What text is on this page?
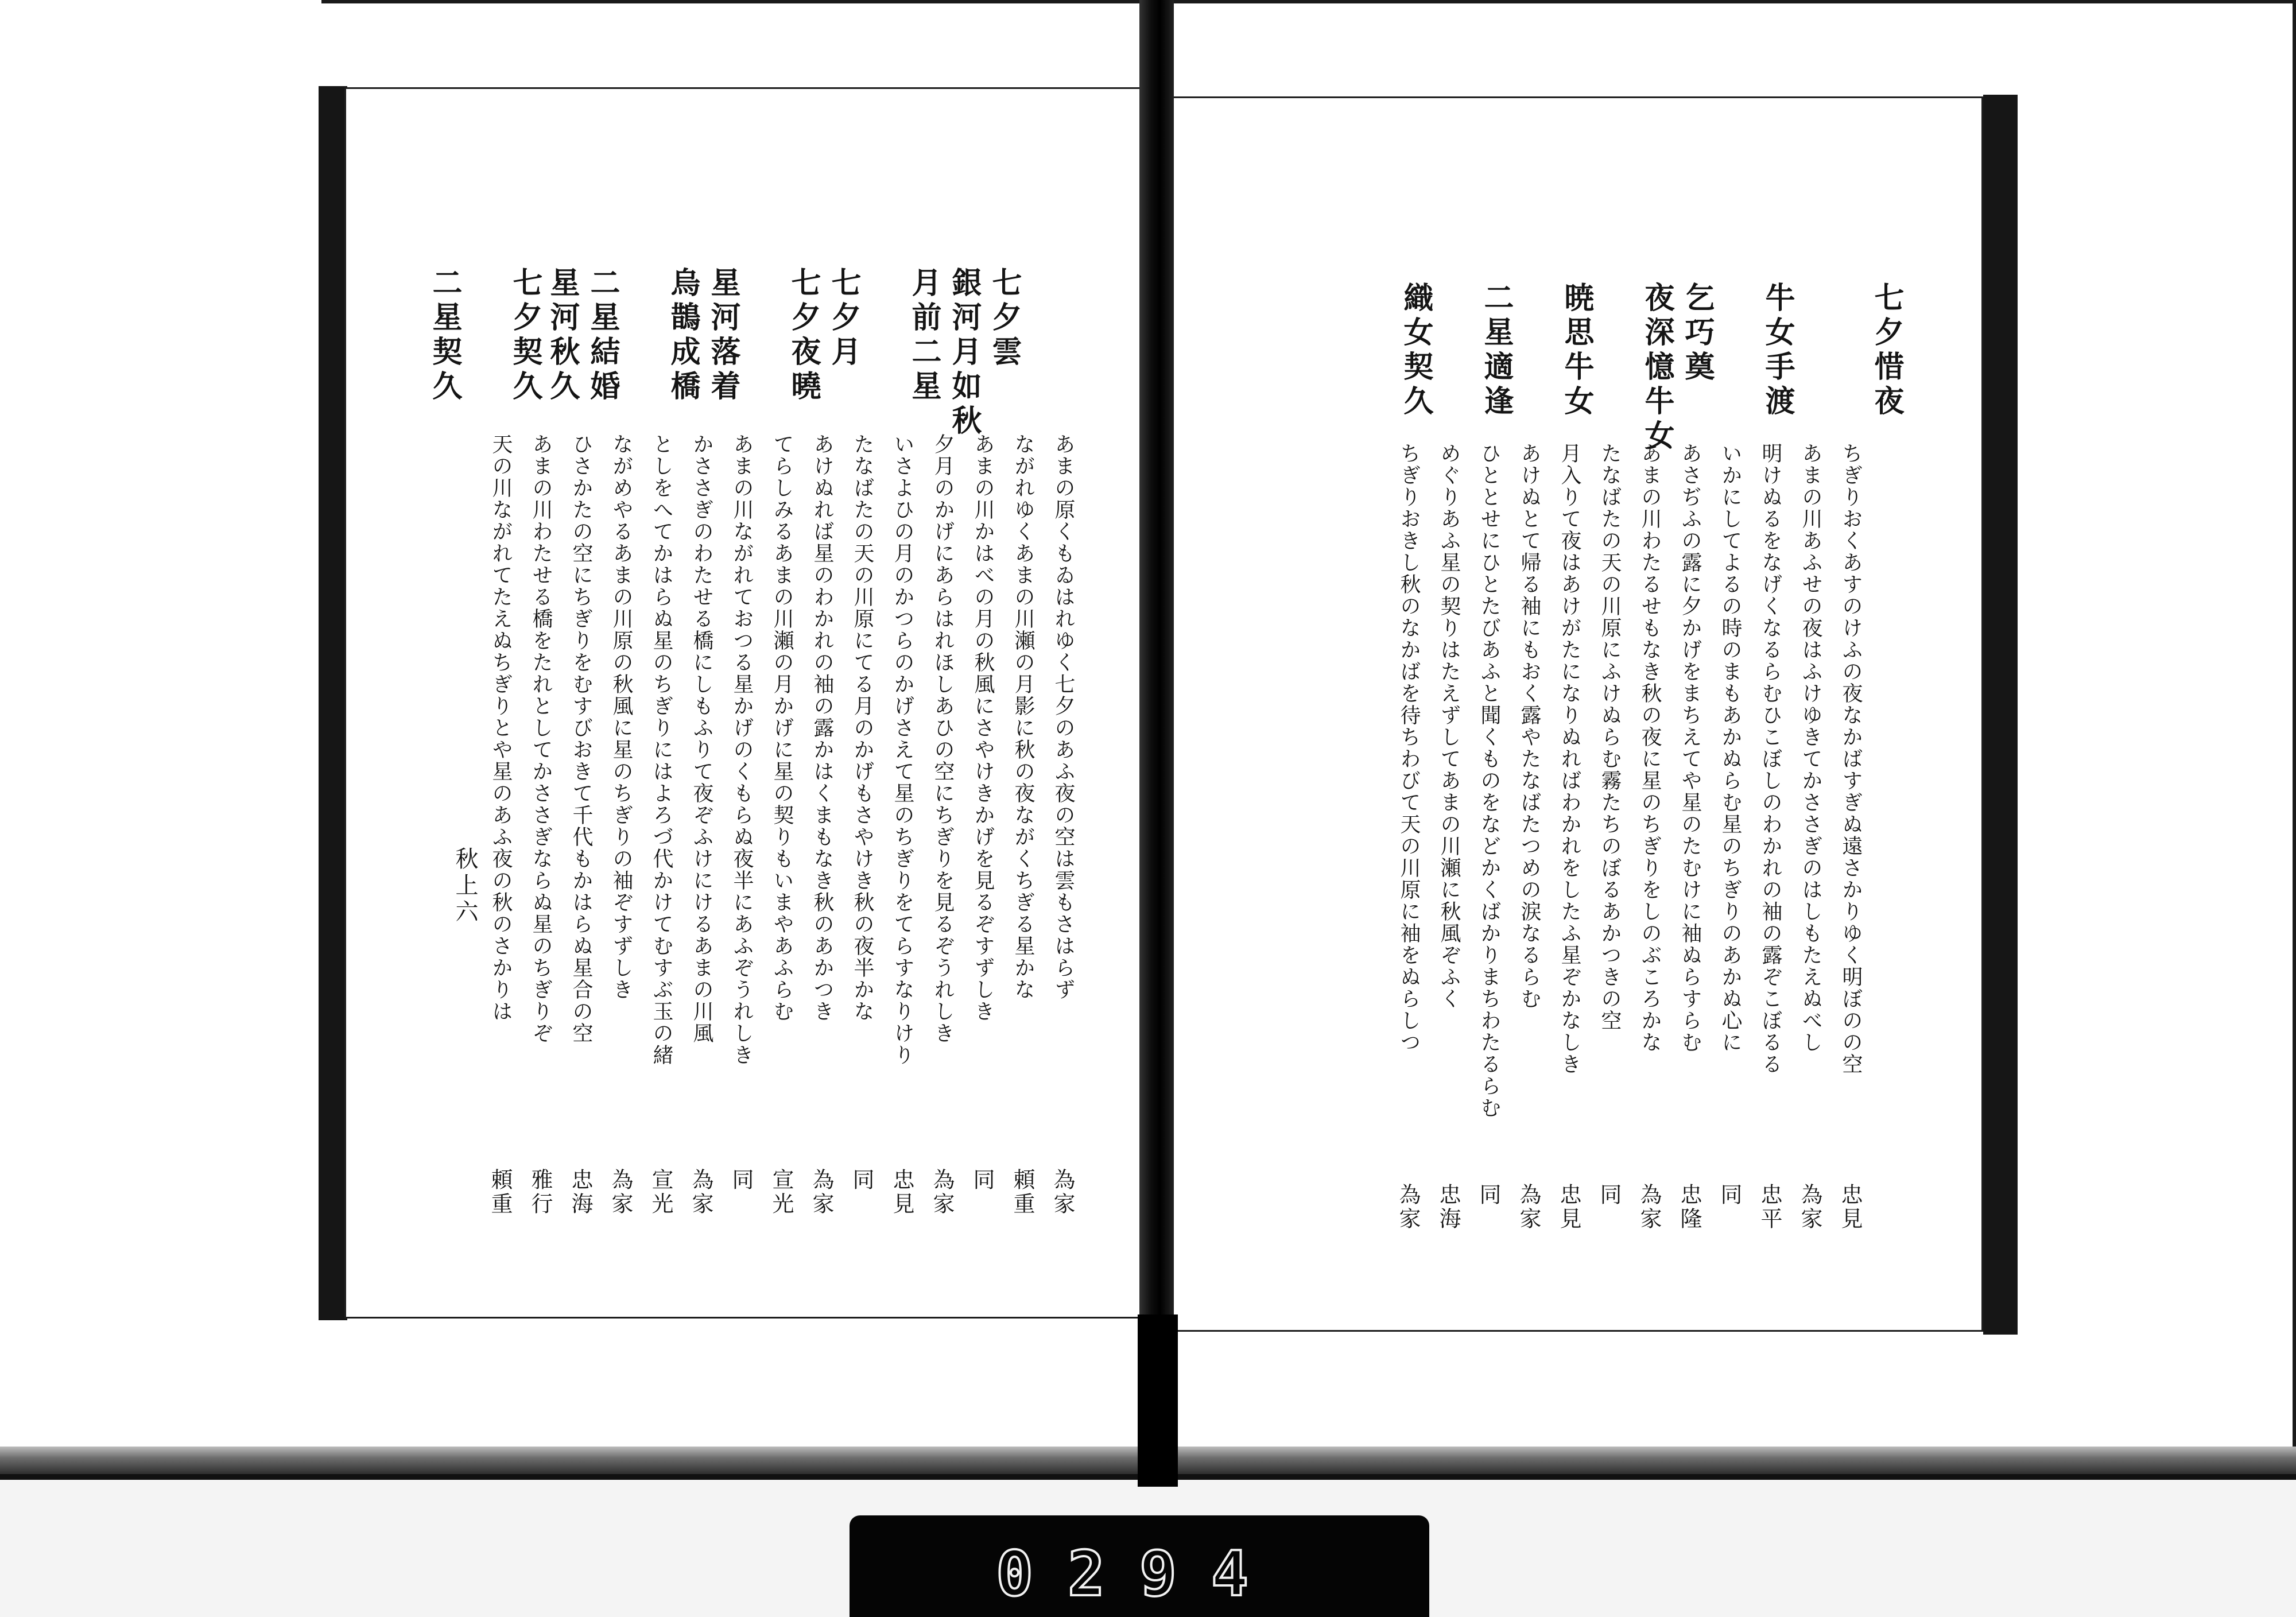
二星契久
天の川ながれてたえぬちぎりとや星のあふ夜の秋のさかりは
頼重
あまの川わたせる橋をたれとしてかささぎならぬ星のちぎりぞ
雅行
七夕契久
ひさかたの空にちぎりをむすびおきて千代もかはらぬ星合の空
忠海
星河秋久
ながめやるあまの川原の秋風に星のちぎりの袖ぞすずしき
為家
二星結婚
としをへてかはらぬ星のちぎりにはよろづ代かけてむすぶ玉の緒
宣光
烏鵲成橋
かささぎのわたせる橋にしもふりて夜ぞふけにけるあまの川風
為家
星河落着
あまの川ながれておつる星かげのくもらぬ夜半にあふぞうれしき
同
てらしみるあまの川瀬の月かげに星の契りもいまやあふらむ
宣光
七夕夜曉
あけぬれば星のわかれの袖の露かはくまもなき秋のあかつき
為家
七夕月
たなばたの天の川原にてる月のかげもさやけき秋の夜半かな
同
いさよひの月のかつらのかげさえて星のちぎりをてらすなりけり
忠見
月前二星
夕月のかげにあらはれほしあひの空にちぎりを見るぞうれしき
為家
銀河月如秋
あまの川かはべの月の秋風にさやけきかげを見るぞすずしき
同
ながれゆくあまの川瀬の月影に秋の夜ながくちぎる星かな
頼重
七夕雲
あまの原くもゐはれゆく七夕のあふ夜の空は雲もさはらず
為家
秋上六
七夕惜夜
ちぎりおくあすのけふの夜なかばすぎぬ遠さかりゆく明ぼのの空
忠見
あまの川あふせの夜はふけゆきてかささぎのはしもたえぬべし
為家
牛女手渡
明けぬるをなげくなるらむひこぼしのわかれの袖の露ぞこぼるる
忠平
いかにしてよるの時のまもあかぬらむ星のちぎりのあかぬ心に
同
乞巧奠
あさぢふの露に夕かげをまちえてや星のたむけに袖ぬらすらむ
忠隆
夜深憶牛女
あまの川わたるせもなき秋の夜に星のちぎりをしのぶころかな
為家
たなばたの天の川原にふけぬらむ霧たちのぼるあかつきの空
同
暁思牛女
月入りて夜はあけがたになりぬればわかれをしたふ星ぞかなしき
忠見
あけぬとて帰る袖にもおく露やたなばたつめの涙なるらむ
為家
二星適逢
ひととせにひとたびあふと聞くものをなどかくばかりまちわたるらむ
同
めぐりあふ星の契りはたえずしてあまの川瀬に秋風ぞふく
忠海
織女契久
ちぎりおきし秋のなかばを待ちわびて天の川原に袖をぬらしつ
為家
0294
